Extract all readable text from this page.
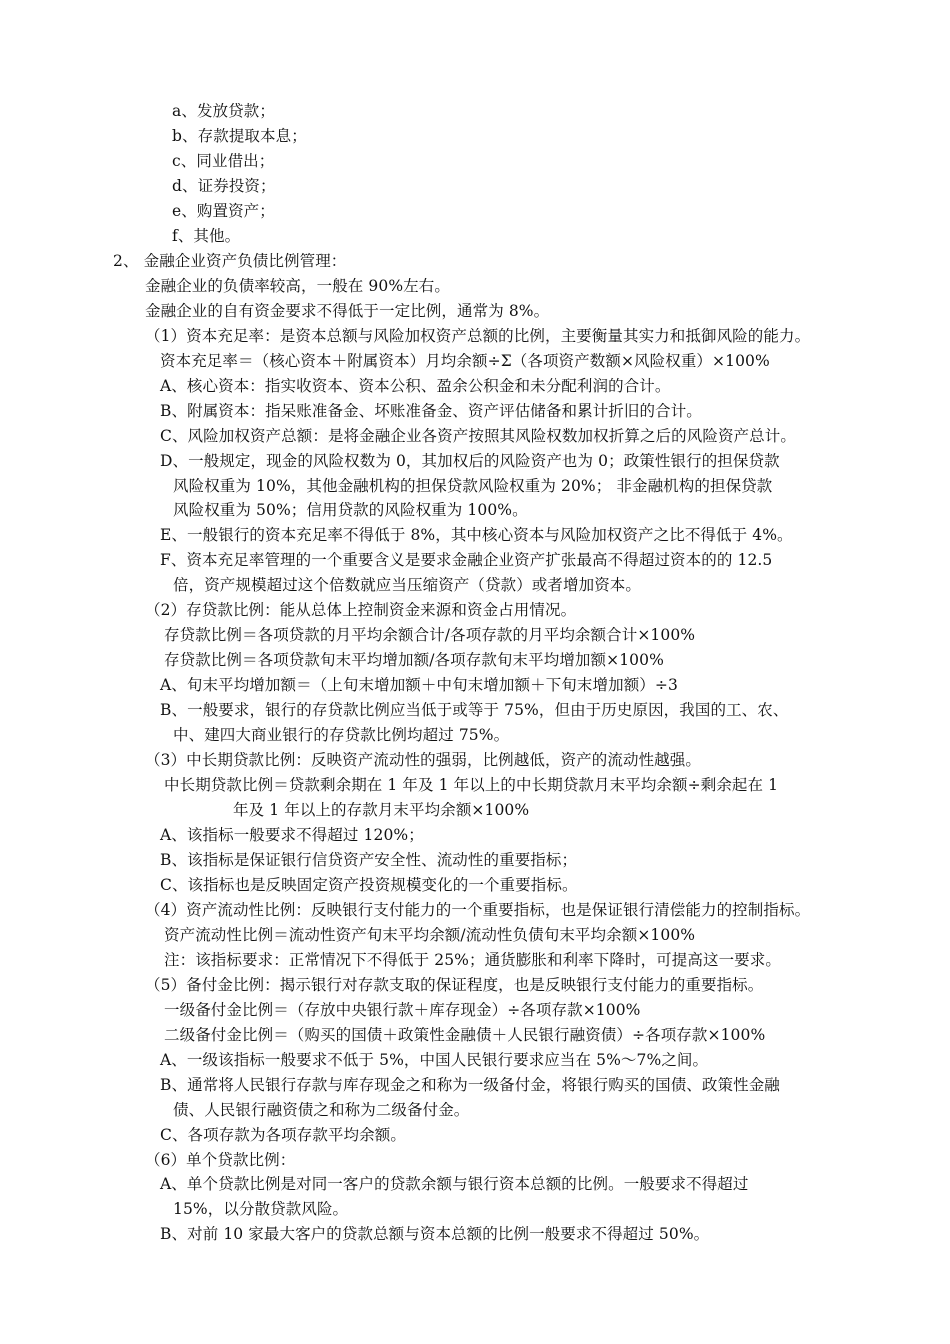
a、发放贷款；
b、存款提取本息；
c、同业借出；
d、证券投资；
e、购置资产；
f、其他。
2、 金融企业资产负债比例管理：
金融企业的负债率较高，一般在 90%左右。
金融企业的自有资金要求不得低于一定比例，通常为 8%。
（1）资本充足率：是资本总额与风险加权资产总额的比例，主要衡量其实力和抵御风险的能力。
资本充足率＝（核心资本＋附属资本）月均余额÷Σ（各项资产数额×风险权重）×100%
A、核心资本：指实收资本、资本公积、盈余公积金和未分配利润的合计。
B、附属资本：指呆账准备金、坏账准备金、资产评估储备和累计折旧的合计。
C、风险加权资产总额：是将金融企业各资产按照其风险权数加权折算之后的风险资产总计。
D、一般规定，现金的风险权数为 0，其加权后的风险资产也为 0；政策性银行的担保贷款
风险权重为 10%，其他金融机构的担保贷款风险权重为 20%； 非金融机构的担保贷款
风险权重为 50%；信用贷款的风险权重为 100%。
E、一般银行的资本充足率不得低于 8%，其中核心资本与风险加权资产之比不得低于 4%。
F、资本充足率管理的一个重要含义是要求金融企业资产扩张最高不得超过资本的的 12.5
倍，资产规模超过这个倍数就应当压缩资产（贷款）或者增加资本。
（2）存贷款比例：能从总体上控制资金来源和资金占用情况。
存贷款比例＝各项贷款的月平均余额合计/各项存款的月平均余额合计×100%
存贷款比例＝各项贷款旬末平均增加额/各项存款旬末平均增加额×100%
A、旬末平均增加额＝（上旬末增加额＋中旬末增加额＋下旬末增加额）÷3
B、一般要求，银行的存贷款比例应当低于或等于 75%，但由于历史原因，我国的工、农、
中、建四大商业银行的存贷款比例均超过 75%。
（3）中长期贷款比例：反映资产流动性的强弱，比例越低，资产的流动性越强。
中长期贷款比例＝贷款剩余期在 1 年及 1 年以上的中长期贷款月末平均余额÷剩余起在 1
年及 1 年以上的存款月末平均余额×100%
A、该指标一般要求不得超过 120%；
B、该指标是保证银行信贷资产安全性、流动性的重要指标；
C、该指标也是反映固定资产投资规模变化的一个重要指标。
（4）资产流动性比例：反映银行支付能力的一个重要指标，也是保证银行清偿能力的控制指标。
资产流动性比例＝流动性资产旬末平均余额/流动性负债旬末平均余额×100%
注：该指标要求：正常情况下不得低于 25%；通货膨胀和利率下降时，可提高这一要求。
（5）备付金比例：揭示银行对存款支取的保证程度，也是反映银行支付能力的重要指标。
一级备付金比例＝（存放中央银行款＋库存现金）÷各项存款×100%
二级备付金比例＝（购买的国债＋政策性金融债＋人民银行融资债）÷各项存款×100%
A、一级该指标一般要求不低于 5%，中国人民银行要求应当在 5%～7%之间。
B、通常将人民银行存款与库存现金之和称为一级备付金，将银行购买的国债、政策性金融
债、人民银行融资债之和称为二级备付金。
C、各项存款为各项存款平均余额。
（6）单个贷款比例：
A、单个贷款比例是对同一客户的贷款余额与银行资本总额的比例。一般要求不得超过
15%，以分散贷款风险。
B、对前 10 家最大客户的贷款总额与资本总额的比例一般要求不得超过 50%。
